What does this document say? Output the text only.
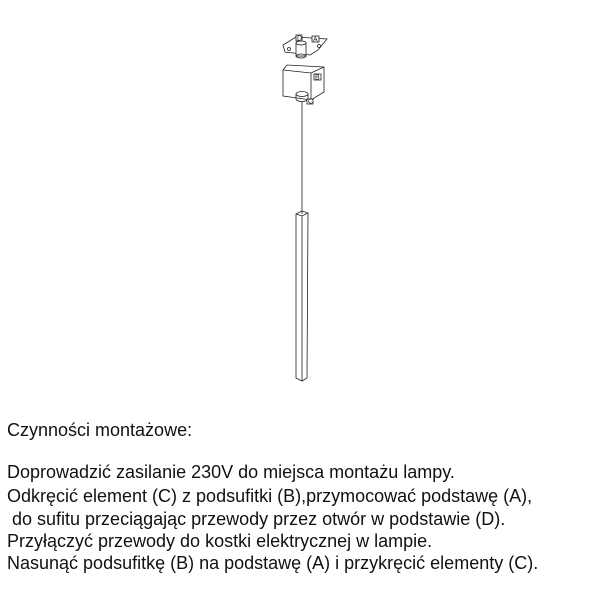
D A
B
C
Czynności montażowe:
Doprowadzić zasilanie 230V do miejsca montażu lampy.
Odkręcić element (C) z podsufitki (B),przymocować podstawę (A),
do sufitu przeciągając przewody przez otwór w podstawie (D).
Przyłączyć przewody do kostki elektrycznej w lampie.
Nasunąć podsufitkę (B) na podstawę (A) i przykręcić elementy (C).
